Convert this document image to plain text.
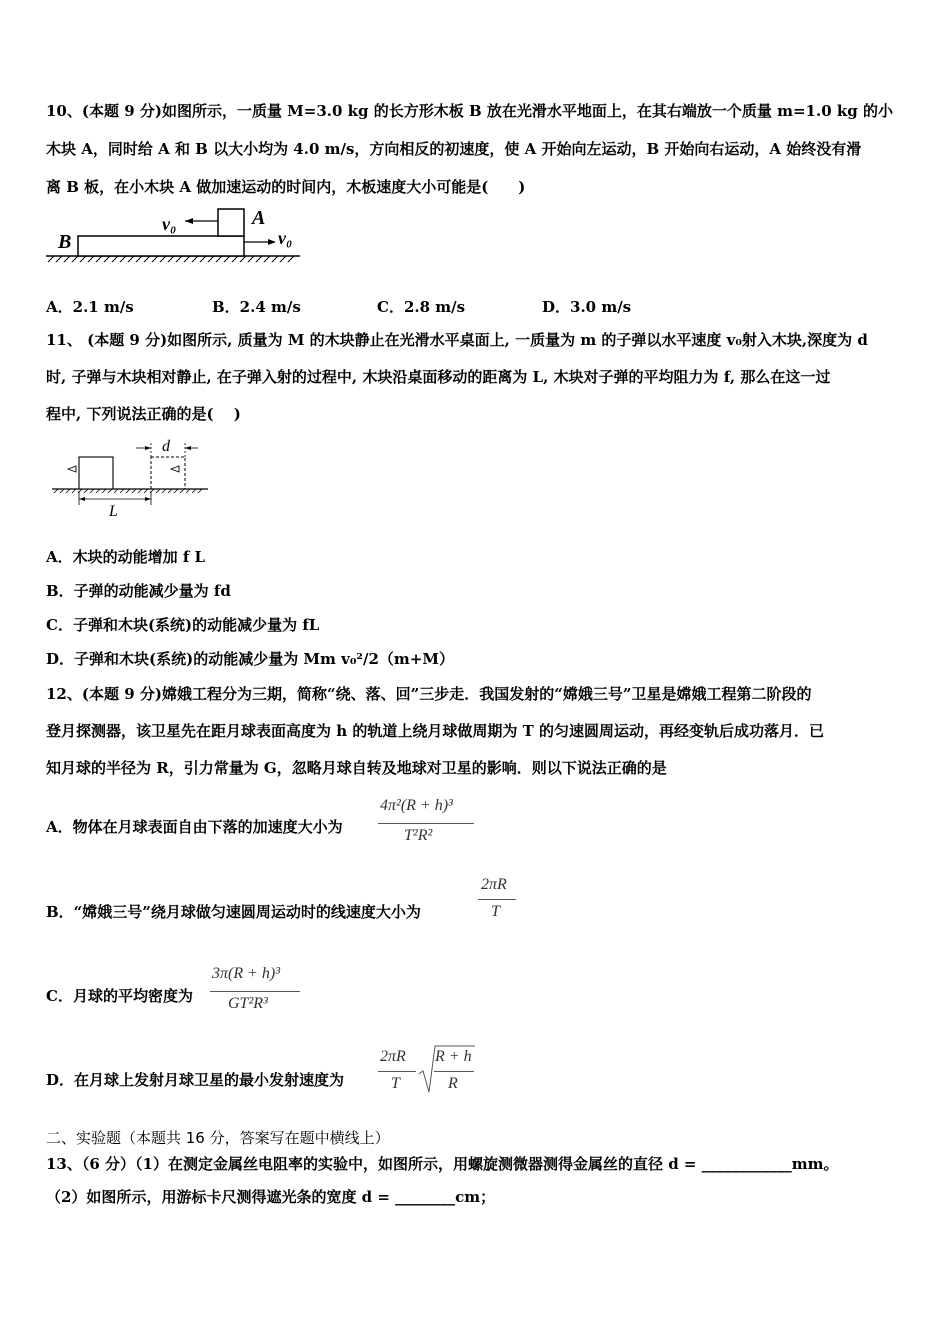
10、(本题 9 分)如图所示，一质量 M=3.0 kg 的长方形木板 B 放在光滑水平地面上，在其右端放一个质量 m=1.0 kg 的小
木块 A，同时给 A 和 B 以大小均为 4.0 m/s，方向相反的初速度，使 A 开始向左运动，B 开始向右运动，A 始终没有滑
离 B 板，在小木块 A 做加速运动的时间内，木板速度大小可能是(　　)
B
A
v₀
v₀
A．2.1 m/s	B．2.4 m/s	C．2.8 m/s	D．3.0 m/s
11、 (本题 9 分)如图所示, 质量为 M 的木块静止在光滑水平桌面上, 一质量为 m 的子弹以水平速度 v₀射入木块,深度为 d
时, 子弹与木块相对静止, 在子弹入射的过程中, 木块沿桌面移动的距离为 L, 木块对子弹的平均阻力为 f, 那么在这一过
程中, 下列说法正确的是(　 )
d
L
A．木块的动能增加 f L
B．子弹的动能减少量为 fd
C．子弹和木块(系统)的动能减少量为 fL
D．子弹和木块(系统)的动能减少量为 Mm v₀²/2（m+M）
12、(本题 9 分)嫦娥工程分为三期，简称“绕、落、回”三步走．我国发射的“嫦娥三号”卫星是嫦娥工程第二阶段的
登月探测器，该卫星先在距月球表面高度为 h 的轨道上绕月球做周期为 T 的匀速圆周运动，再经变轨后成功落月．已
知月球的半径为 R，引力常量为 G，忽略月球自转及地球对卫星的影响．则以下说法正确的是
A．物体在月球表面自由下落的加速度大小为
4π²(R + h)³
T²R²
B．“嫦娥三号”绕月球做匀速圆周运动时的线速度大小为
2πR
T
C．月球的平均密度为
3π(R + h)³
GT²R³
D．在月球上发射月球卫星的最小发射速度为
2πR
T
R + h
R
二、实验题（本题共 16 分，答案写在题中横线上）
13、（6 分）（1）在测定金属丝电阻率的实验中，如图所示，用螺旋测微器测得金属丝的直径 d = ____________mm。
（2）如图所示，用游标卡尺测得遮光条的宽度 d = ________cm；
